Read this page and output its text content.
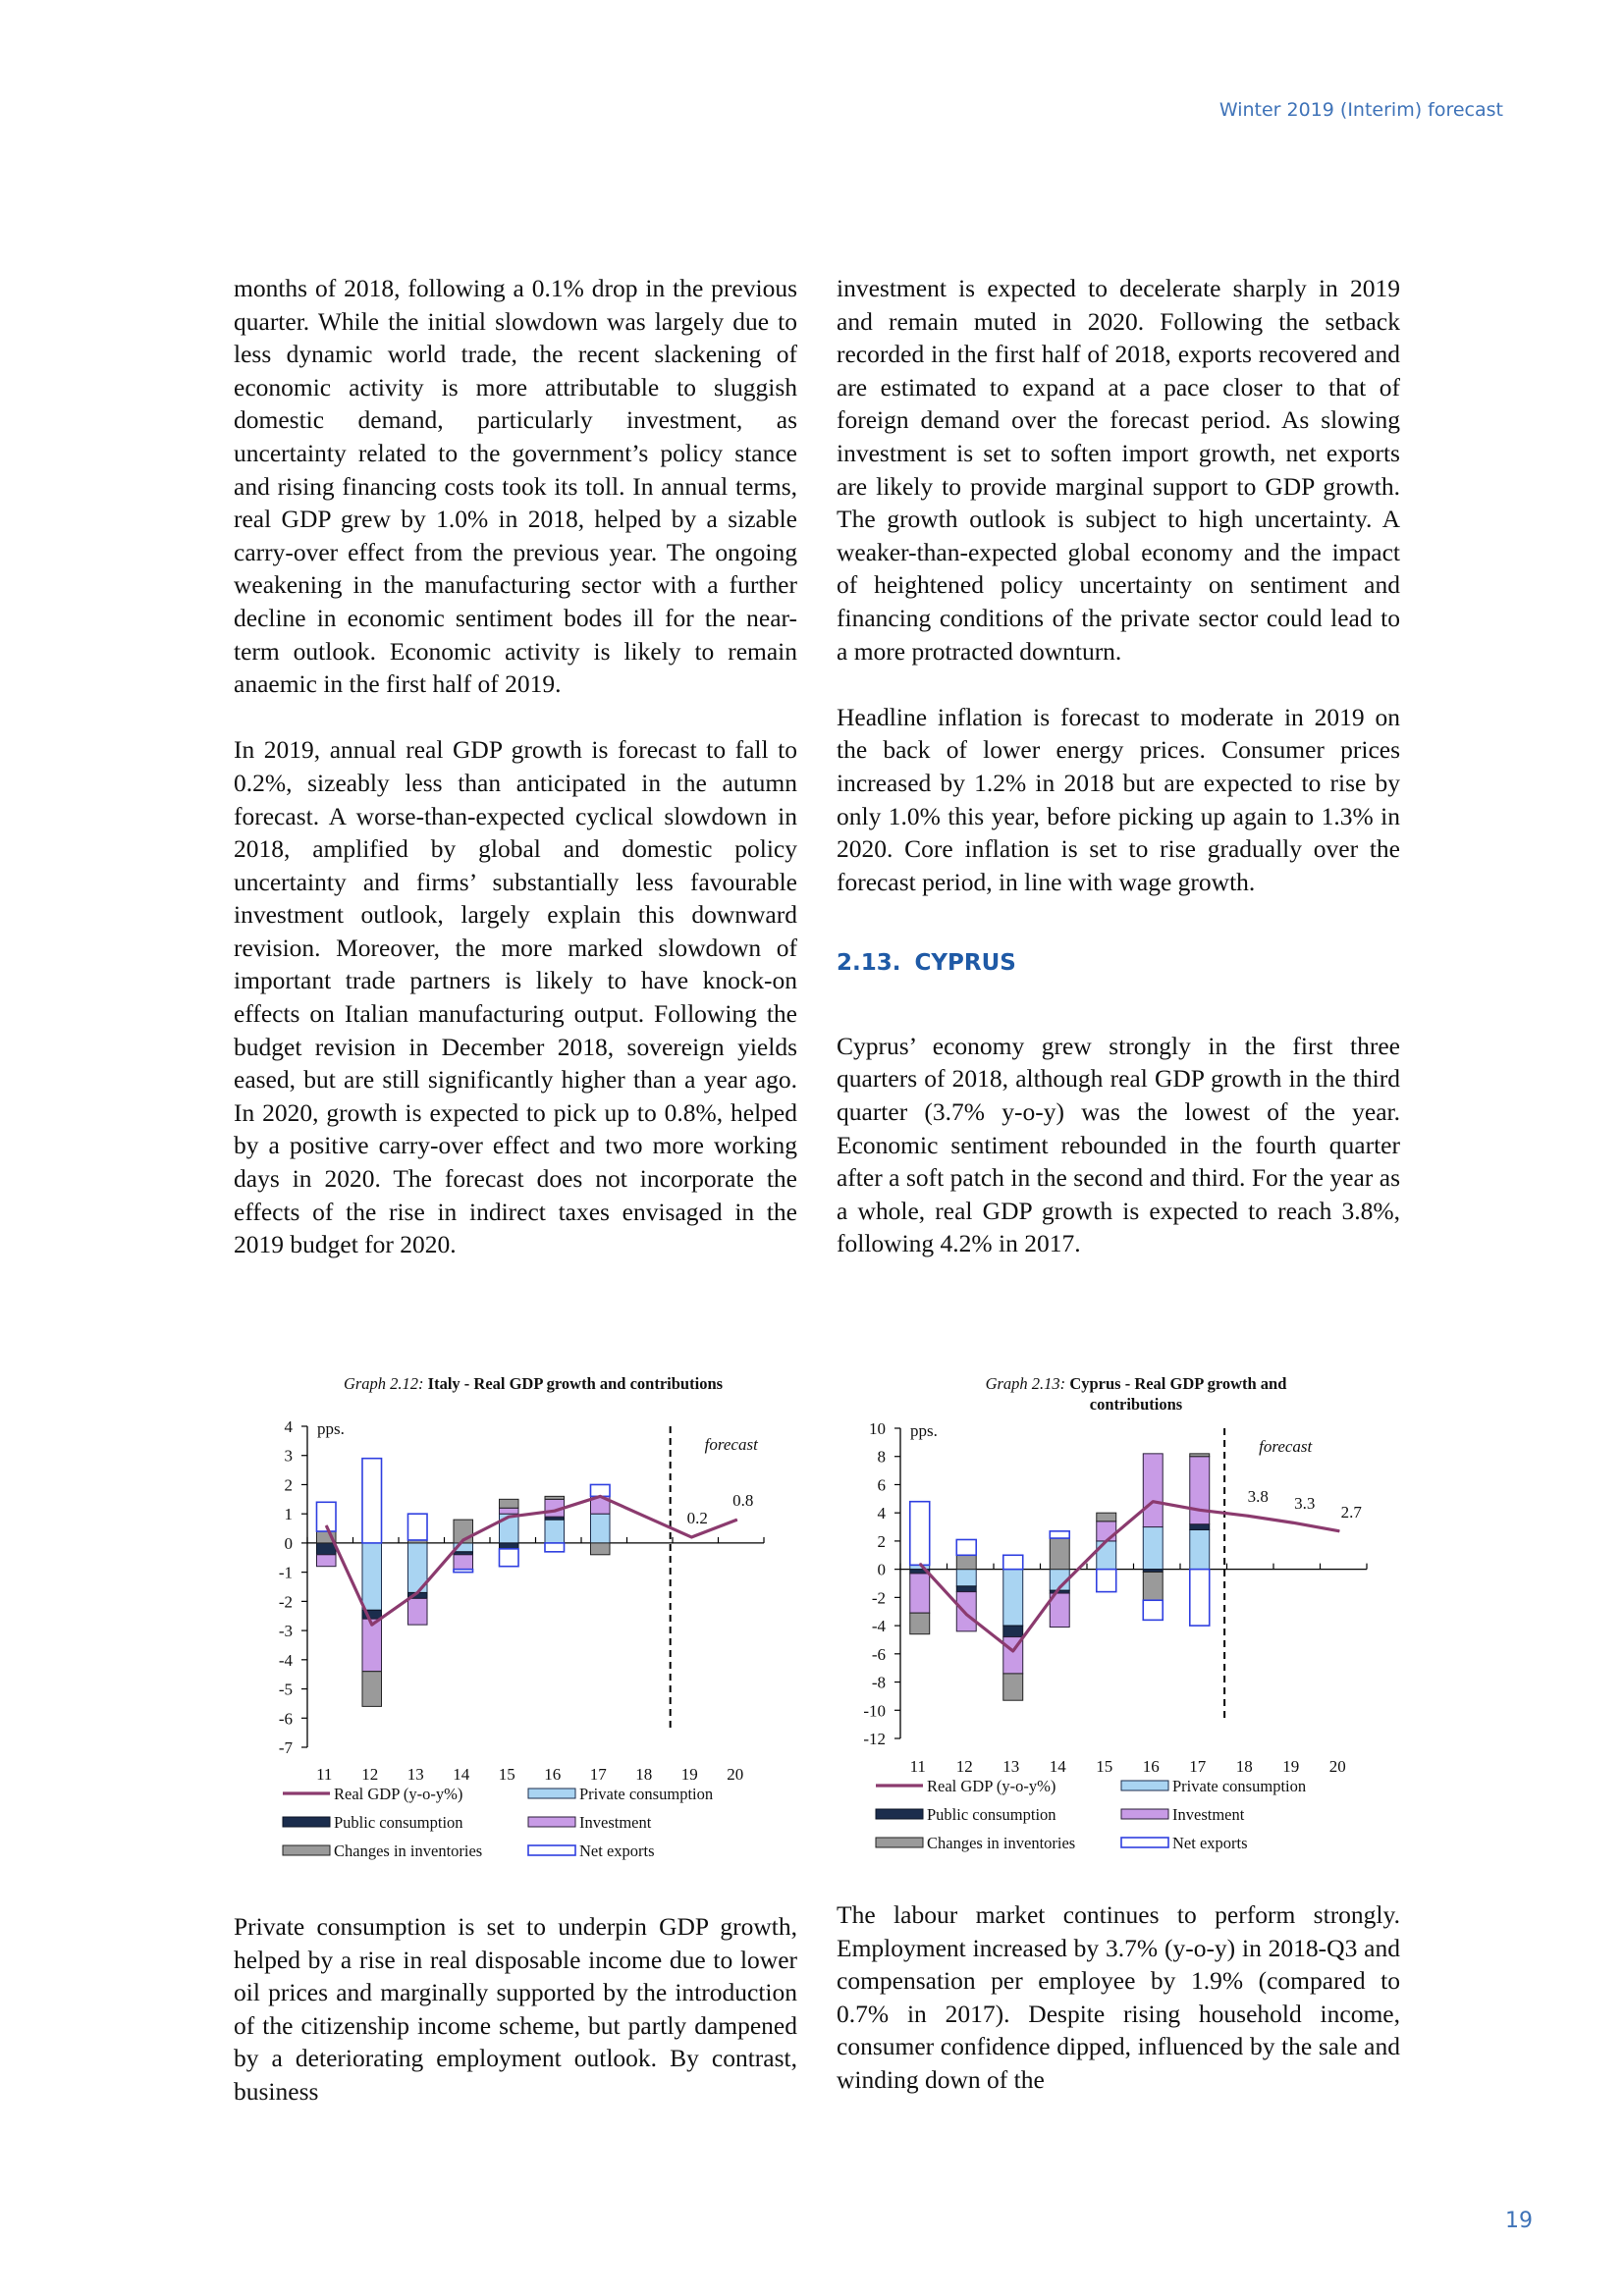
Winter 2019 (Interim) forecast

months of 2018, following a 0.1% drop in the previous quarter. While the initial slowdown was largely due to less dynamic world trade, the recent slackening of economic activity is more attributable to sluggish domestic demand, particularly investment, as uncertainty related to the government’s policy stance and rising financing costs took its toll. In annual terms, real GDP grew by 1.0% in 2018, helped by a sizable carry-over effect from the previous year. The ongoing weakening in the manufacturing sector with a further decline in economic sentiment bodes ill for the near-term outlook. Economic activity is likely to remain anaemic in the first half of 2019.

In 2019, annual real GDP growth is forecast to fall to 0.2%, sizeably less than anticipated in the autumn forecast. A worse-than-expected cyclical slowdown in 2018, amplified by global and domestic policy uncertainty and firms’ substantially less favourable investment outlook, largely explain this downward revision. Moreover, the more marked slowdown of important trade partners is likely to have knock-on effects on Italian manufacturing output. Following the budget revision in December 2018, sovereign yields eased, but are still significantly higher than a year ago. In 2020, growth is expected to pick up to 0.8%, helped by a positive carry-over effect and two more working days in 2020. The forecast does not incorporate the effects of the rise in indirect taxes envisaged in the 2019 budget for 2020.

investment is expected to decelerate sharply in 2019 and remain muted in 2020. Following the setback recorded in the first half of 2018, exports recovered and are estimated to expand at a pace closer to that of foreign demand over the forecast period. As slowing investment is set to soften import growth, net exports are likely to provide marginal support to GDP growth. The growth outlook is subject to high uncertainty. A weaker-than-expected global economy and the impact of heightened policy uncertainty on sentiment and financing conditions of the private sector could lead to a more protracted downturn.

Headline inflation is forecast to moderate in 2019 on the back of lower energy prices. Consumer prices increased by 1.2% in 2018 but are expected to rise by only 1.0% this year, before picking up again to 1.3% in 2020. Core inflation is set to rise gradually over the forecast period, in line with wage growth.

2.13. CYPRUS

Cyprus’ economy grew strongly in the first three quarters of 2018, although real GDP growth in the third quarter (3.7% y-o-y) was the lowest of the year. Economic sentiment rebounded in the fourth quarter after a soft patch in the second and third. For the year as a whole, real GDP growth is expected to reach 3.8%, following 4.2% in 2017.

Graph 2.12: Italy - Real GDP growth and contributions
4
3
2
1
0
-1
-2
-3
-4
-5
-6
-7
pps.
11 12 13 14 15 16 17 18 19 20
forecast
0.2
0.8
Real GDP (y-o-y%)	Private consumption
Public consumption	Investment
Changes in inventories	Net exports
Graph 2.13: Cyprus - Real GDP growth and
contributions
10
8
6
4
2
0
-2
-4
-6
-8
-10
-12
pps.
11 12 13 14 15 16 17 18 19 20
forecast
3.8 3.3 2.7
Real GDP (y-o-y%)	Private consumption
Public consumption	Investment
Changes in inventories	Net exports

Private consumption is set to underpin GDP growth, helped by a rise in real disposable income due to lower oil prices and marginally supported by the introduction of the citizenship income scheme, but partly dampened by a deteriorating employment outlook. By contrast, business

The labour market continues to perform strongly. Employment increased by 3.7% (y-o-y) in 2018-Q3 and compensation per employee by 1.9% (compared to 0.7% in 2017). Despite rising household income, consumer confidence dipped, influenced by the sale and winding down of the

19
